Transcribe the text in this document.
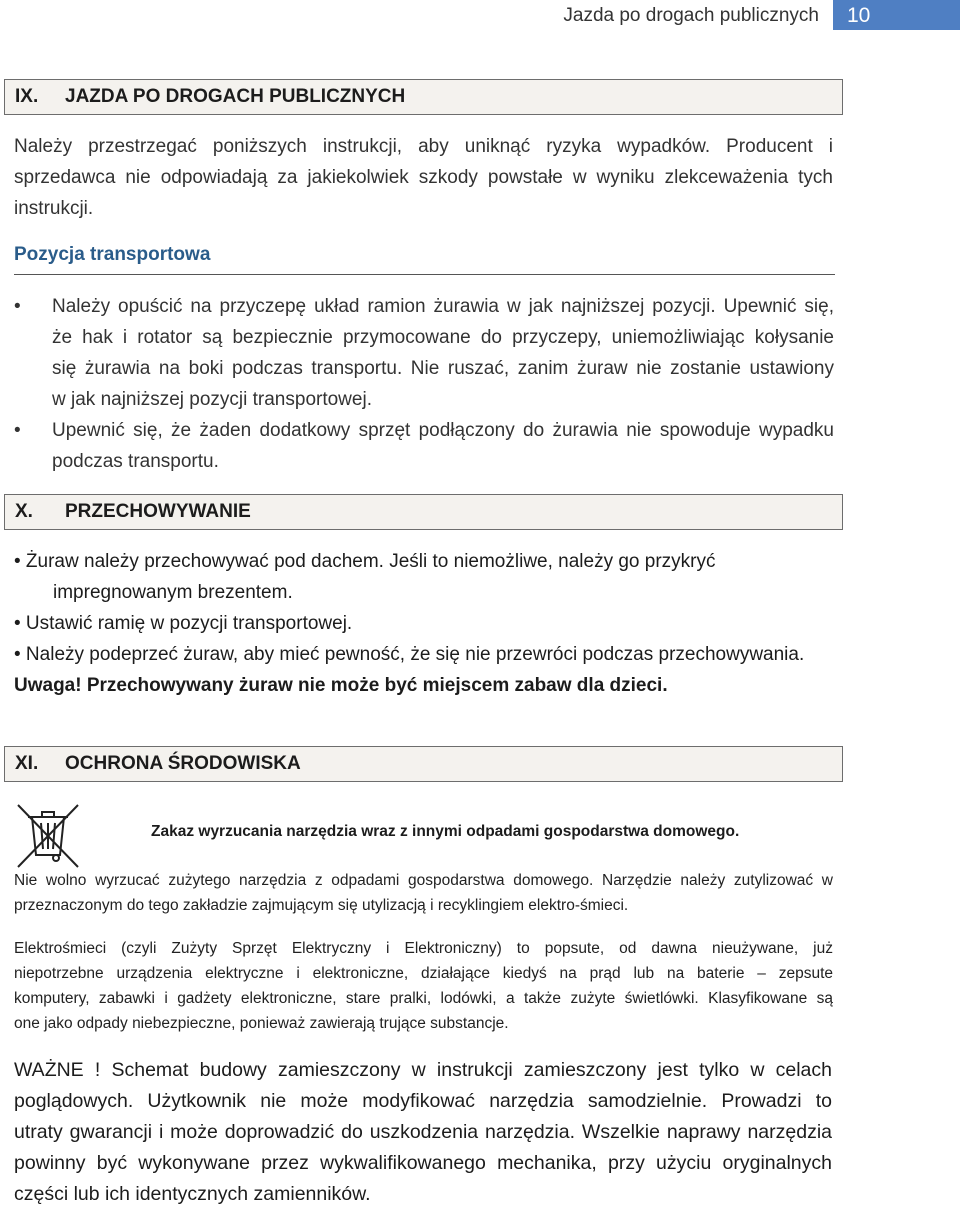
Jazda po drogach publicznych	10
IX. JAZDA PO DROGACH PUBLICZNYCH
Należy przestrzegać poniższych instrukcji, aby uniknąć ryzyka wypadków. Producent i
sprzedawca nie odpowiadają za jakiekolwiek szkody powstałe w wyniku zlekceważenia tych
instrukcji.
Pozycja transportowa
• Należy opuścić na przyczepę układ ramion żurawia w jak najniższej pozycji. Upewnić się,
że hak i rotator są bezpiecznie przymocowane do przyczepy, uniemożliwiając kołysanie
się żurawia na boki podczas transportu. Nie ruszać, zanim żuraw nie zostanie ustawiony
w jak najniższej pozycji transportowej.
• Upewnić się, że żaden dodatkowy sprzęt podłączony do żurawia nie spowoduje wypadku
podczas transportu.
X. PRZECHOWYWANIE
• Żuraw należy przechowywać pod dachem. Jeśli to niemożliwe, należy go przykryć
impregnowanym brezentem.
• Ustawić ramię w pozycji transportowej.
• Należy podeprzeć żuraw, aby mieć pewność, że się nie przewróci podczas przechowywania.
Uwaga! Przechowywany żuraw nie może być miejscem zabaw dla dzieci.
XI. OCHRONA ŚRODOWISKA
Zakaz wyrzucania narzędzia wraz z innymi odpadami gospodarstwa domowego.
Nie wolno wyrzucać zużytego narzędzia z odpadami gospodarstwa domowego. Narzędzie należy zutylizować w
przeznaczonym do tego zakładzie zajmującym się utylizacją i recyklingiem elektro-śmieci.
Elektrośmieci (czyli Zużyty Sprzęt Elektryczny i Elektroniczny) to popsute, od dawna nieużywane, już
niepotrzebne urządzenia elektryczne i elektroniczne, działające kiedyś na prąd lub na baterie – zepsute
komputery, zabawki i gadżety elektroniczne, stare pralki, lodówki, a także zużyte świetlówki. Klasyfikowane są
one jako odpady niebezpieczne, ponieważ zawierają trujące substancje.
WAŻNE ! Schemat budowy zamieszczony w instrukcji zamieszczony jest tylko w celach
poglądowych. Użytkownik nie może modyfikować narzędzia samodzielnie. Prowadzi to
utraty gwarancji i może doprowadzić do uszkodzenia narzędzia. Wszelkie naprawy narzędzia
powinny być wykonywane przez wykwalifikowanego mechanika, przy użyciu oryginalnych
części lub ich identycznych zamienników.
